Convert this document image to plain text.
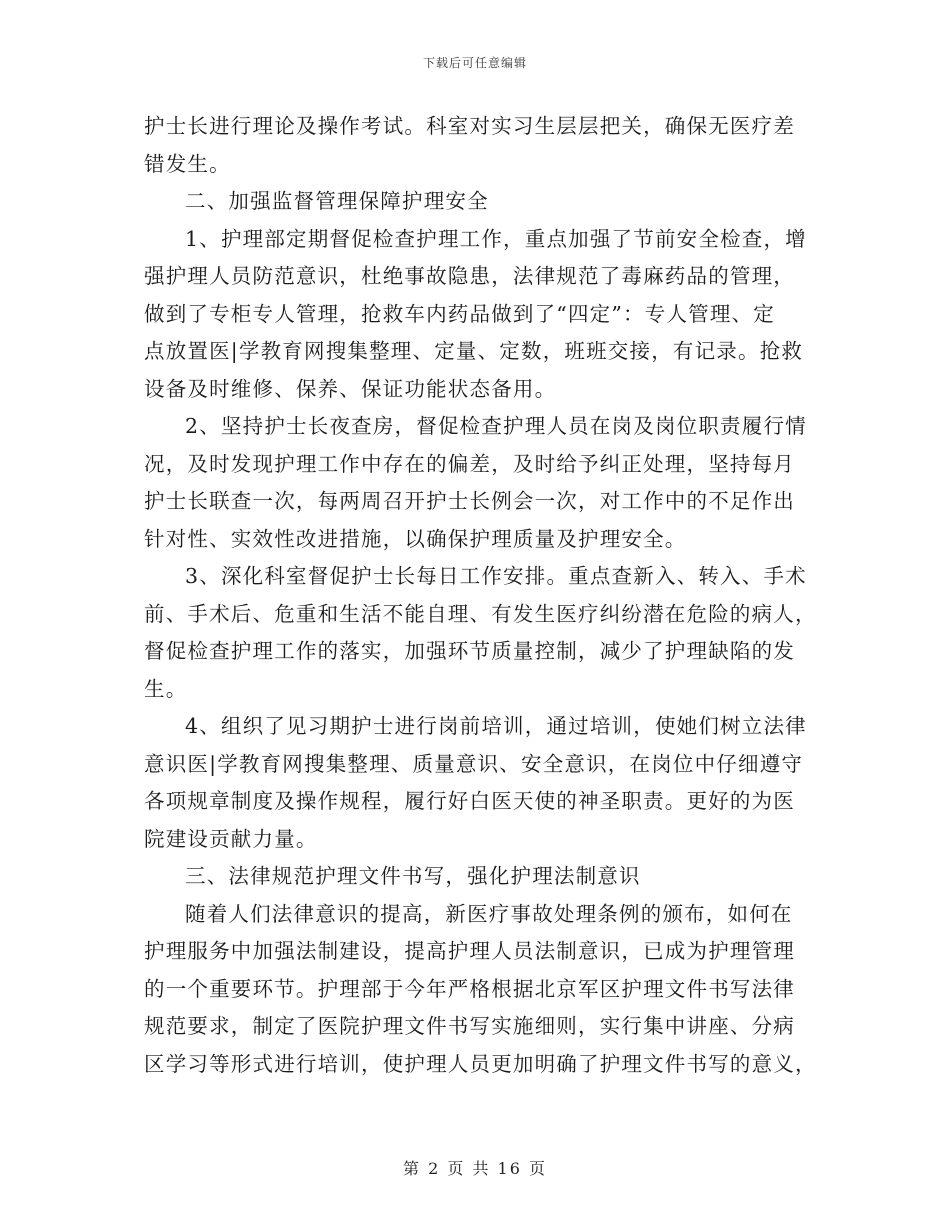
下载后可任意编辑
护士长进行理论及操作考试。科室对实习生层层把关，确保无医疗差
错发生。
二、加强监督管理保障护理安全
1、护理部定期督促检查护理工作，重点加强了节前安全检查，增
强护理人员防范意识，杜绝事故隐患，法律规范了毒麻药品的管理，
做到了专柜专人管理，抢救车内药品做到了“四定”：专人管理、定
点放置医|学教育网搜集整理、定量、定数，班班交接，有记录。抢救
设备及时维修、保养、保证功能状态备用。
2、坚持护士长夜查房，督促检查护理人员在岗及岗位职责履行情
况，及时发现护理工作中存在的偏差，及时给予纠正处理，坚持每月
护士长联查一次，每两周召开护士长例会一次，对工作中的不足作出
针对性、实效性改进措施，以确保护理质量及护理安全。
3、深化科室督促护士长每日工作安排。重点查新入、转入、手术
前、手术后、危重和生活不能自理、有发生医疗纠纷潜在危险的病人，
督促检查护理工作的落实，加强环节质量控制，减少了护理缺陷的发
生。
4、组织了见习期护士进行岗前培训，通过培训，使她们树立法律
意识医|学教育网搜集整理、质量意识、安全意识，在岗位中仔细遵守
各项规章制度及操作规程，履行好白医天使的神圣职责。更好的为医
院建设贡献力量。
三、法律规范护理文件书写，强化护理法制意识
随着人们法律意识的提高，新医疗事故处理条例的颁布，如何在
护理服务中加强法制建设，提高护理人员法制意识，已成为护理管理
的一个重要环节。护理部于今年严格根据北京军区护理文件书写法律
规范要求，制定了医院护理文件书写实施细则，实行集中讲座、分病
区学习等形式进行培训，使护理人员更加明确了护理文件书写的意义，
第 2 页 共 16 页
